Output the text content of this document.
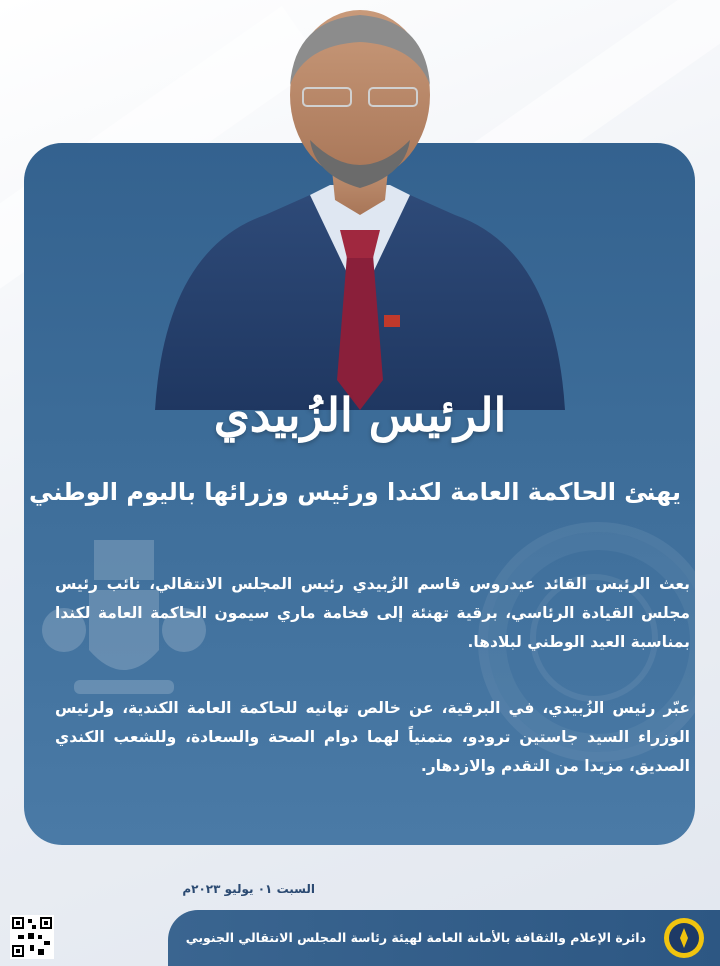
الرئيس الزُبيدي
يهنئ الحاكمة العامة لكندا ورئيس وزرائها باليوم الوطني
بعث الرئيس القائد عيدروس قاسم الزُبيدي رئيس المجلس الانتقالي، نائب رئيس مجلس القيادة الرئاسي، برقية تهنئة إلى فخامة ماري سيمون الحاكمة العامة لكندا بمناسبة العيد الوطني لبلادها.
عبّر رئيس الزُبيدي، في البرقية، عن خالص تهانيه للحاكمة العامة الكندية، ولرئيس الوزراء السيد جاستين ترودو، متمنياً لهما دوام الصحة والسعادة، وللشعب الكندي الصديق، مزيدا من التقدم والازدهار.
السبت ٠١ يوليو ٢٠٢٣م
دائرة الإعلام والثقافة بالأمانة العامة لهيئة رئاسة المجلس الانتقالي الجنوبي
